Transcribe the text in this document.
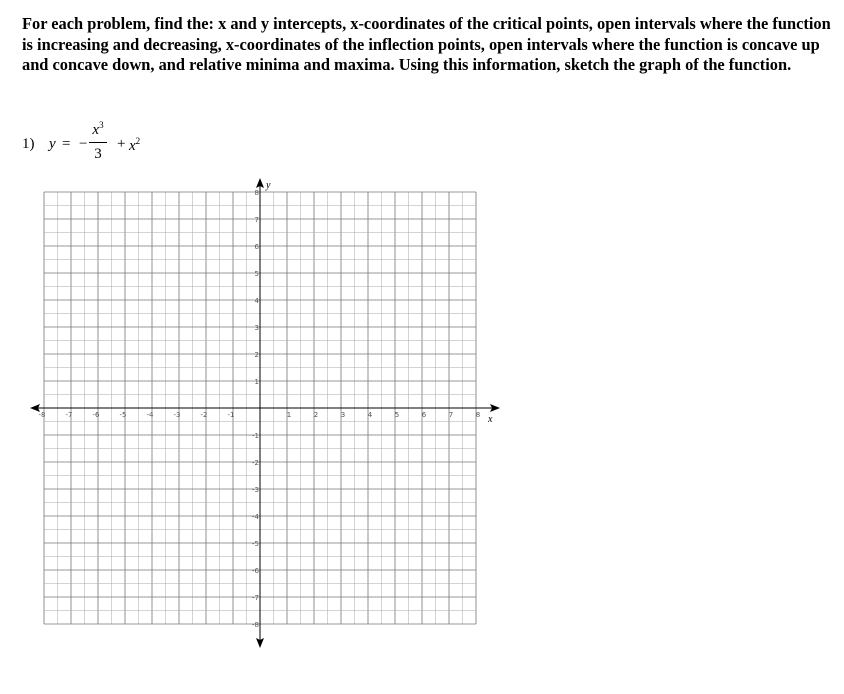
For each problem, find the: x and y intercepts, x-coordinates of the critical points, open intervals where the function is increasing and decreasing, x-coordinates of the inflection points, open intervals where the function is concave up and concave down, and relative minima and maxima. Using this information, sketch the graph of the function.

1) y = −
$x^3$
3
+ $x^2$
-8	-7	-6	-5	-4	-3	-2	-1	1	2	3	4	5	6	7	8
8
7
6
5
4
3
2
1
-1
-2
-3
-4
-5
-6
-7
-8
x
y
